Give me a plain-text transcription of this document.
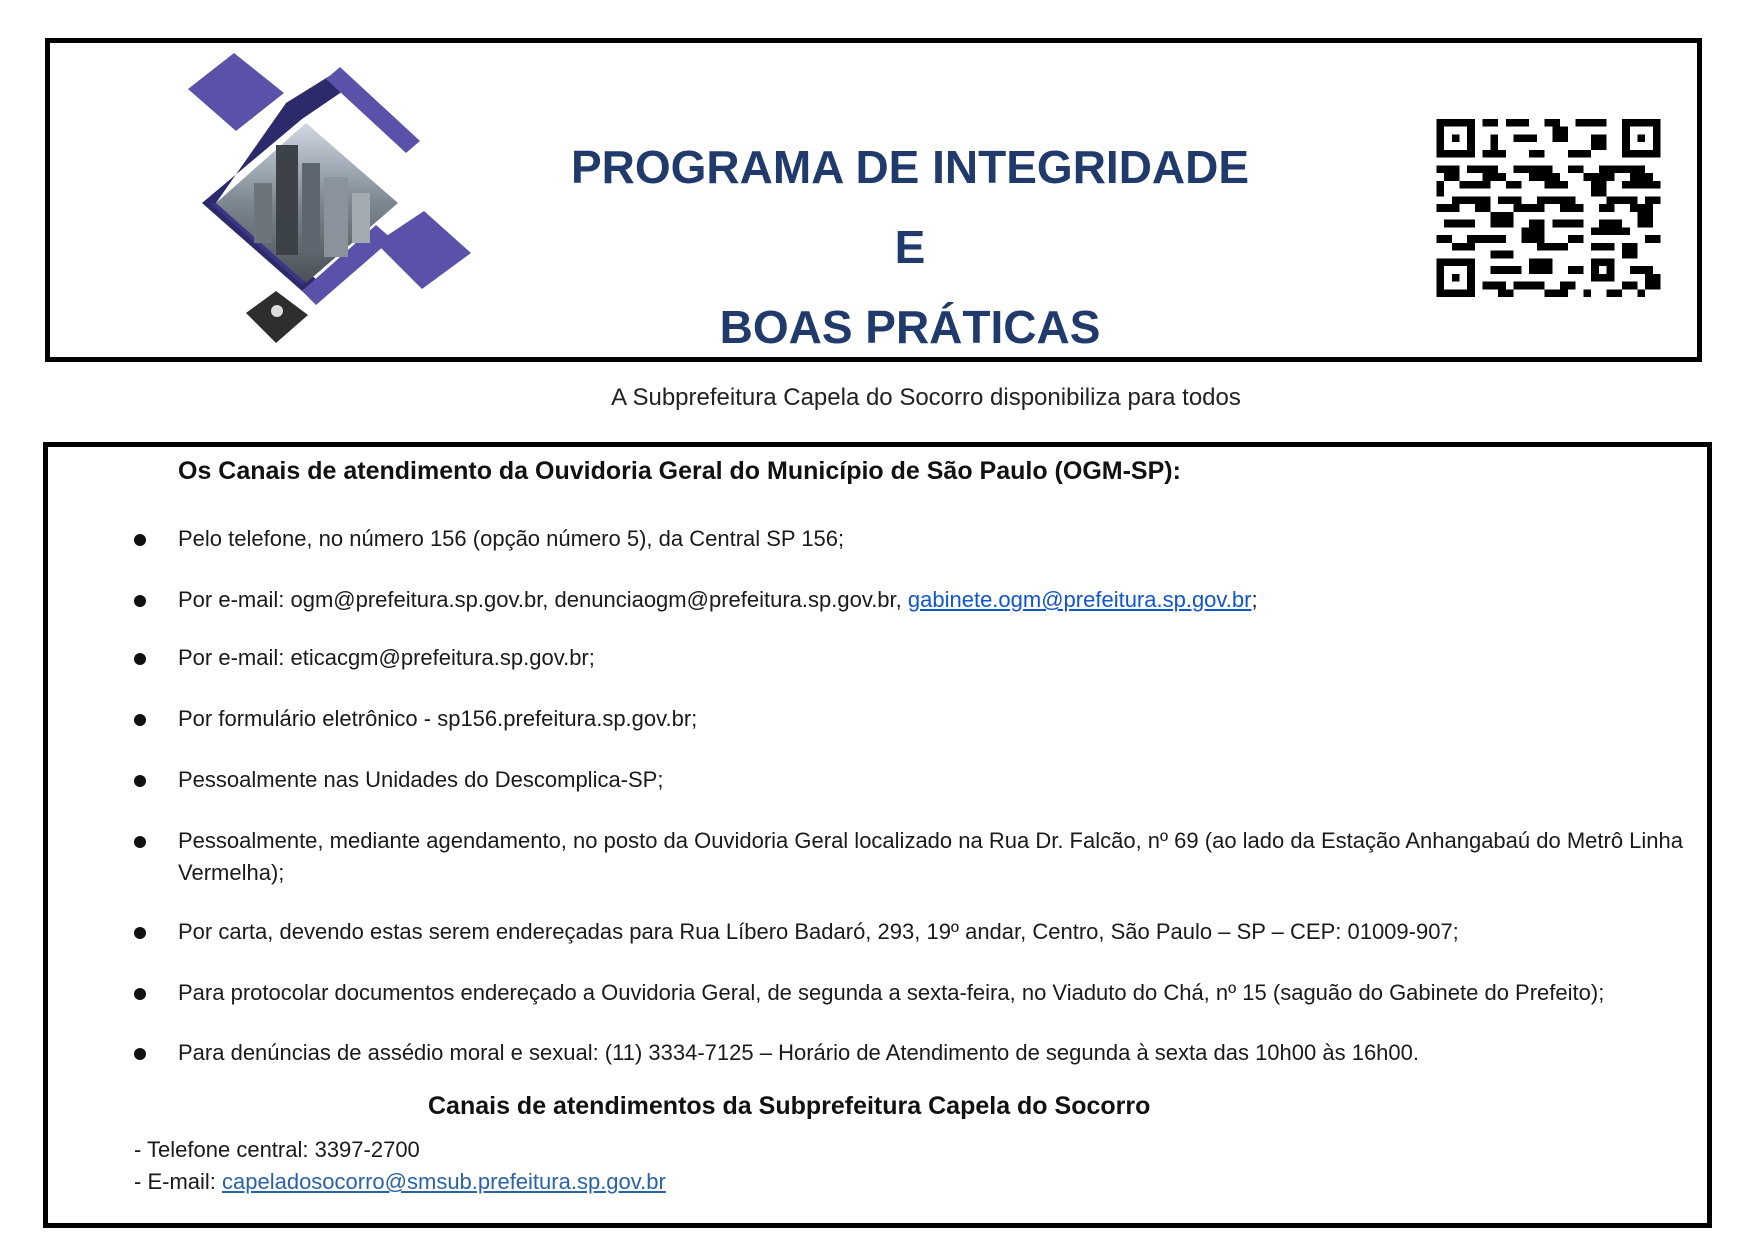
PROGRAMA DE INTEGRIDADE
E
BOAS PRÁTICAS
A Subprefeitura Capela do Socorro disponibiliza para todos
Os Canais de atendimento da Ouvidoria Geral do Município de São Paulo (OGM-SP):
Pelo telefone, no número 156 (opção número 5), da Central SP 156;
Por e-mail: ogm@prefeitura.sp.gov.br, denunciaogm@prefeitura.sp.gov.br, gabinete.ogm@prefeitura.sp.gov.br;
Por e-mail: eticacgm@prefeitura.sp.gov.br;
Por formulário eletrônico - sp156.prefeitura.sp.gov.br;
Pessoalmente nas Unidades do Descomplica-SP;
Pessoalmente, mediante agendamento, no posto da Ouvidoria Geral localizado na Rua Dr. Falcão, nº 69 (ao lado da Estação Anhangabaú do Metrô Linha Vermelha);
Por carta, devendo estas serem endereçadas para Rua Líbero Badaró, 293, 19º andar, Centro, São Paulo – SP – CEP: 01009-907;
Para protocolar documentos endereçado a Ouvidoria Geral, de segunda a sexta-feira, no Viaduto do Chá, nº 15 (saguão do Gabinete do Prefeito);
Para denúncias de assédio moral e sexual: (11) 3334-7125 – Horário de Atendimento de segunda à sexta das 10h00 às 16h00.
Canais de atendimentos da Subprefeitura Capela do Socorro
- Telefone central: 3397-2700
- E-mail: capeladosocorro@smsub.prefeitura.sp.gov.br
